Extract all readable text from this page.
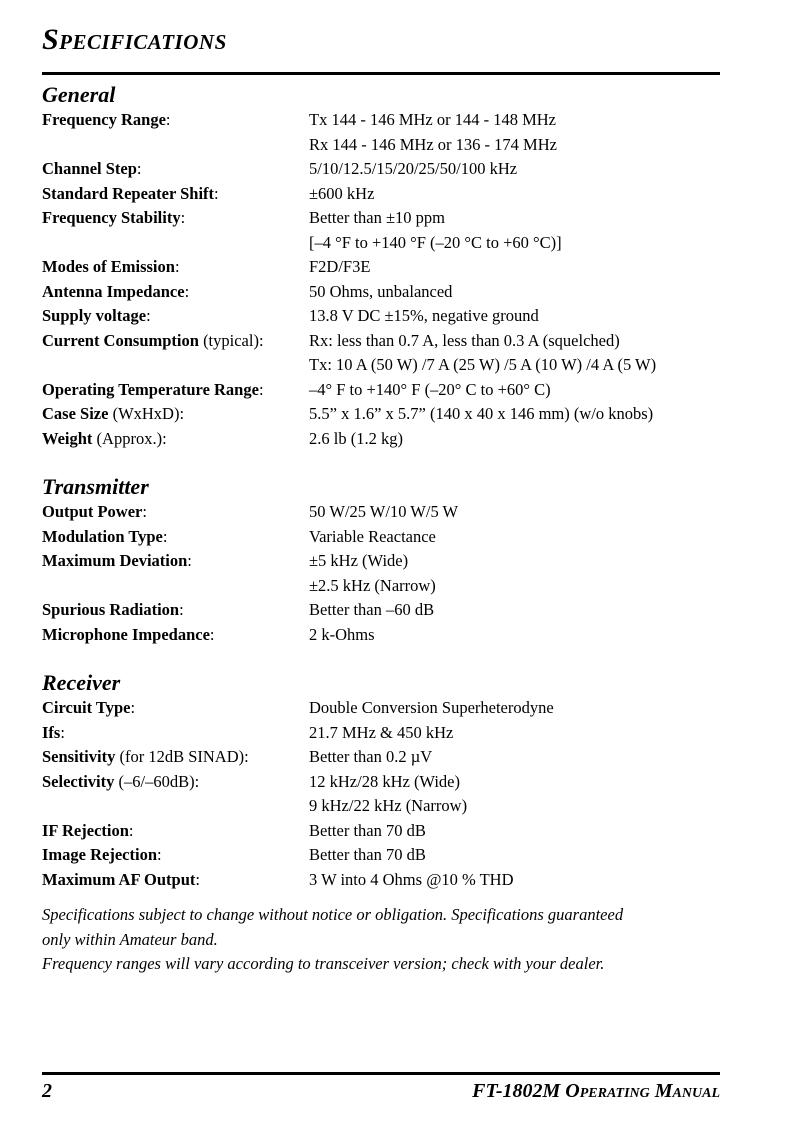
Specifications
General
Frequency Range:	Tx 144 - 146 MHz or 144 - 148 MHz
Rx 144 - 146 MHz or 136 - 174 MHz
Channel Step:	5/10/12.5/15/20/25/50/100 kHz
Standard Repeater Shift:	±600 kHz
Frequency Stability:	Better than ±10 ppm
[–4 °F to +140 °F (–20 °C to +60 °C)]
Modes of Emission:	F2D/F3E
Antenna Impedance:	50 Ohms, unbalanced
Supply voltage:	13.8 V DC ±15%, negative ground
Current Consumption (typical):	Rx: less than 0.7 A, less than 0.3 A (squelched)
Tx: 10 A (50 W) /7 A (25 W) /5 A (10 W) /4 A (5 W)
Operating Temperature Range:	–4° F to +140° F (–20° C to +60° C)
Case Size (WxHxD):	5.5” x 1.6” x 5.7” (140 x 40 x 146 mm) (w/o knobs)
Weight (Approx.):	2.6 lb (1.2 kg)
Transmitter
Output Power:	50 W/25 W/10 W/5 W
Modulation Type:	Variable Reactance
Maximum Deviation:	±5 kHz (Wide)
±2.5 kHz (Narrow)
Spurious Radiation:	Better than –60 dB
Microphone Impedance:	2 k-Ohms
Receiver
Circuit Type:	Double Conversion Superheterodyne
Ifs:	21.7 MHz & 450 kHz
Sensitivity (for 12dB SINAD):	Better than 0.2 µV
Selectivity (–6/–60dB):	12 kHz/28 kHz (Wide)
9 kHz/22 kHz (Narrow)
IF Rejection:	Better than 70 dB
Image Rejection:	Better than 70 dB
Maximum AF Output:	3 W into 4 Ohms @10 % THD
Specifications subject to change without notice or obligation. Specifications guaranteed
only within Amateur band.
Frequency ranges will vary according to transceiver version; check with your dealer.
2	FT-1802M Operating Manual
